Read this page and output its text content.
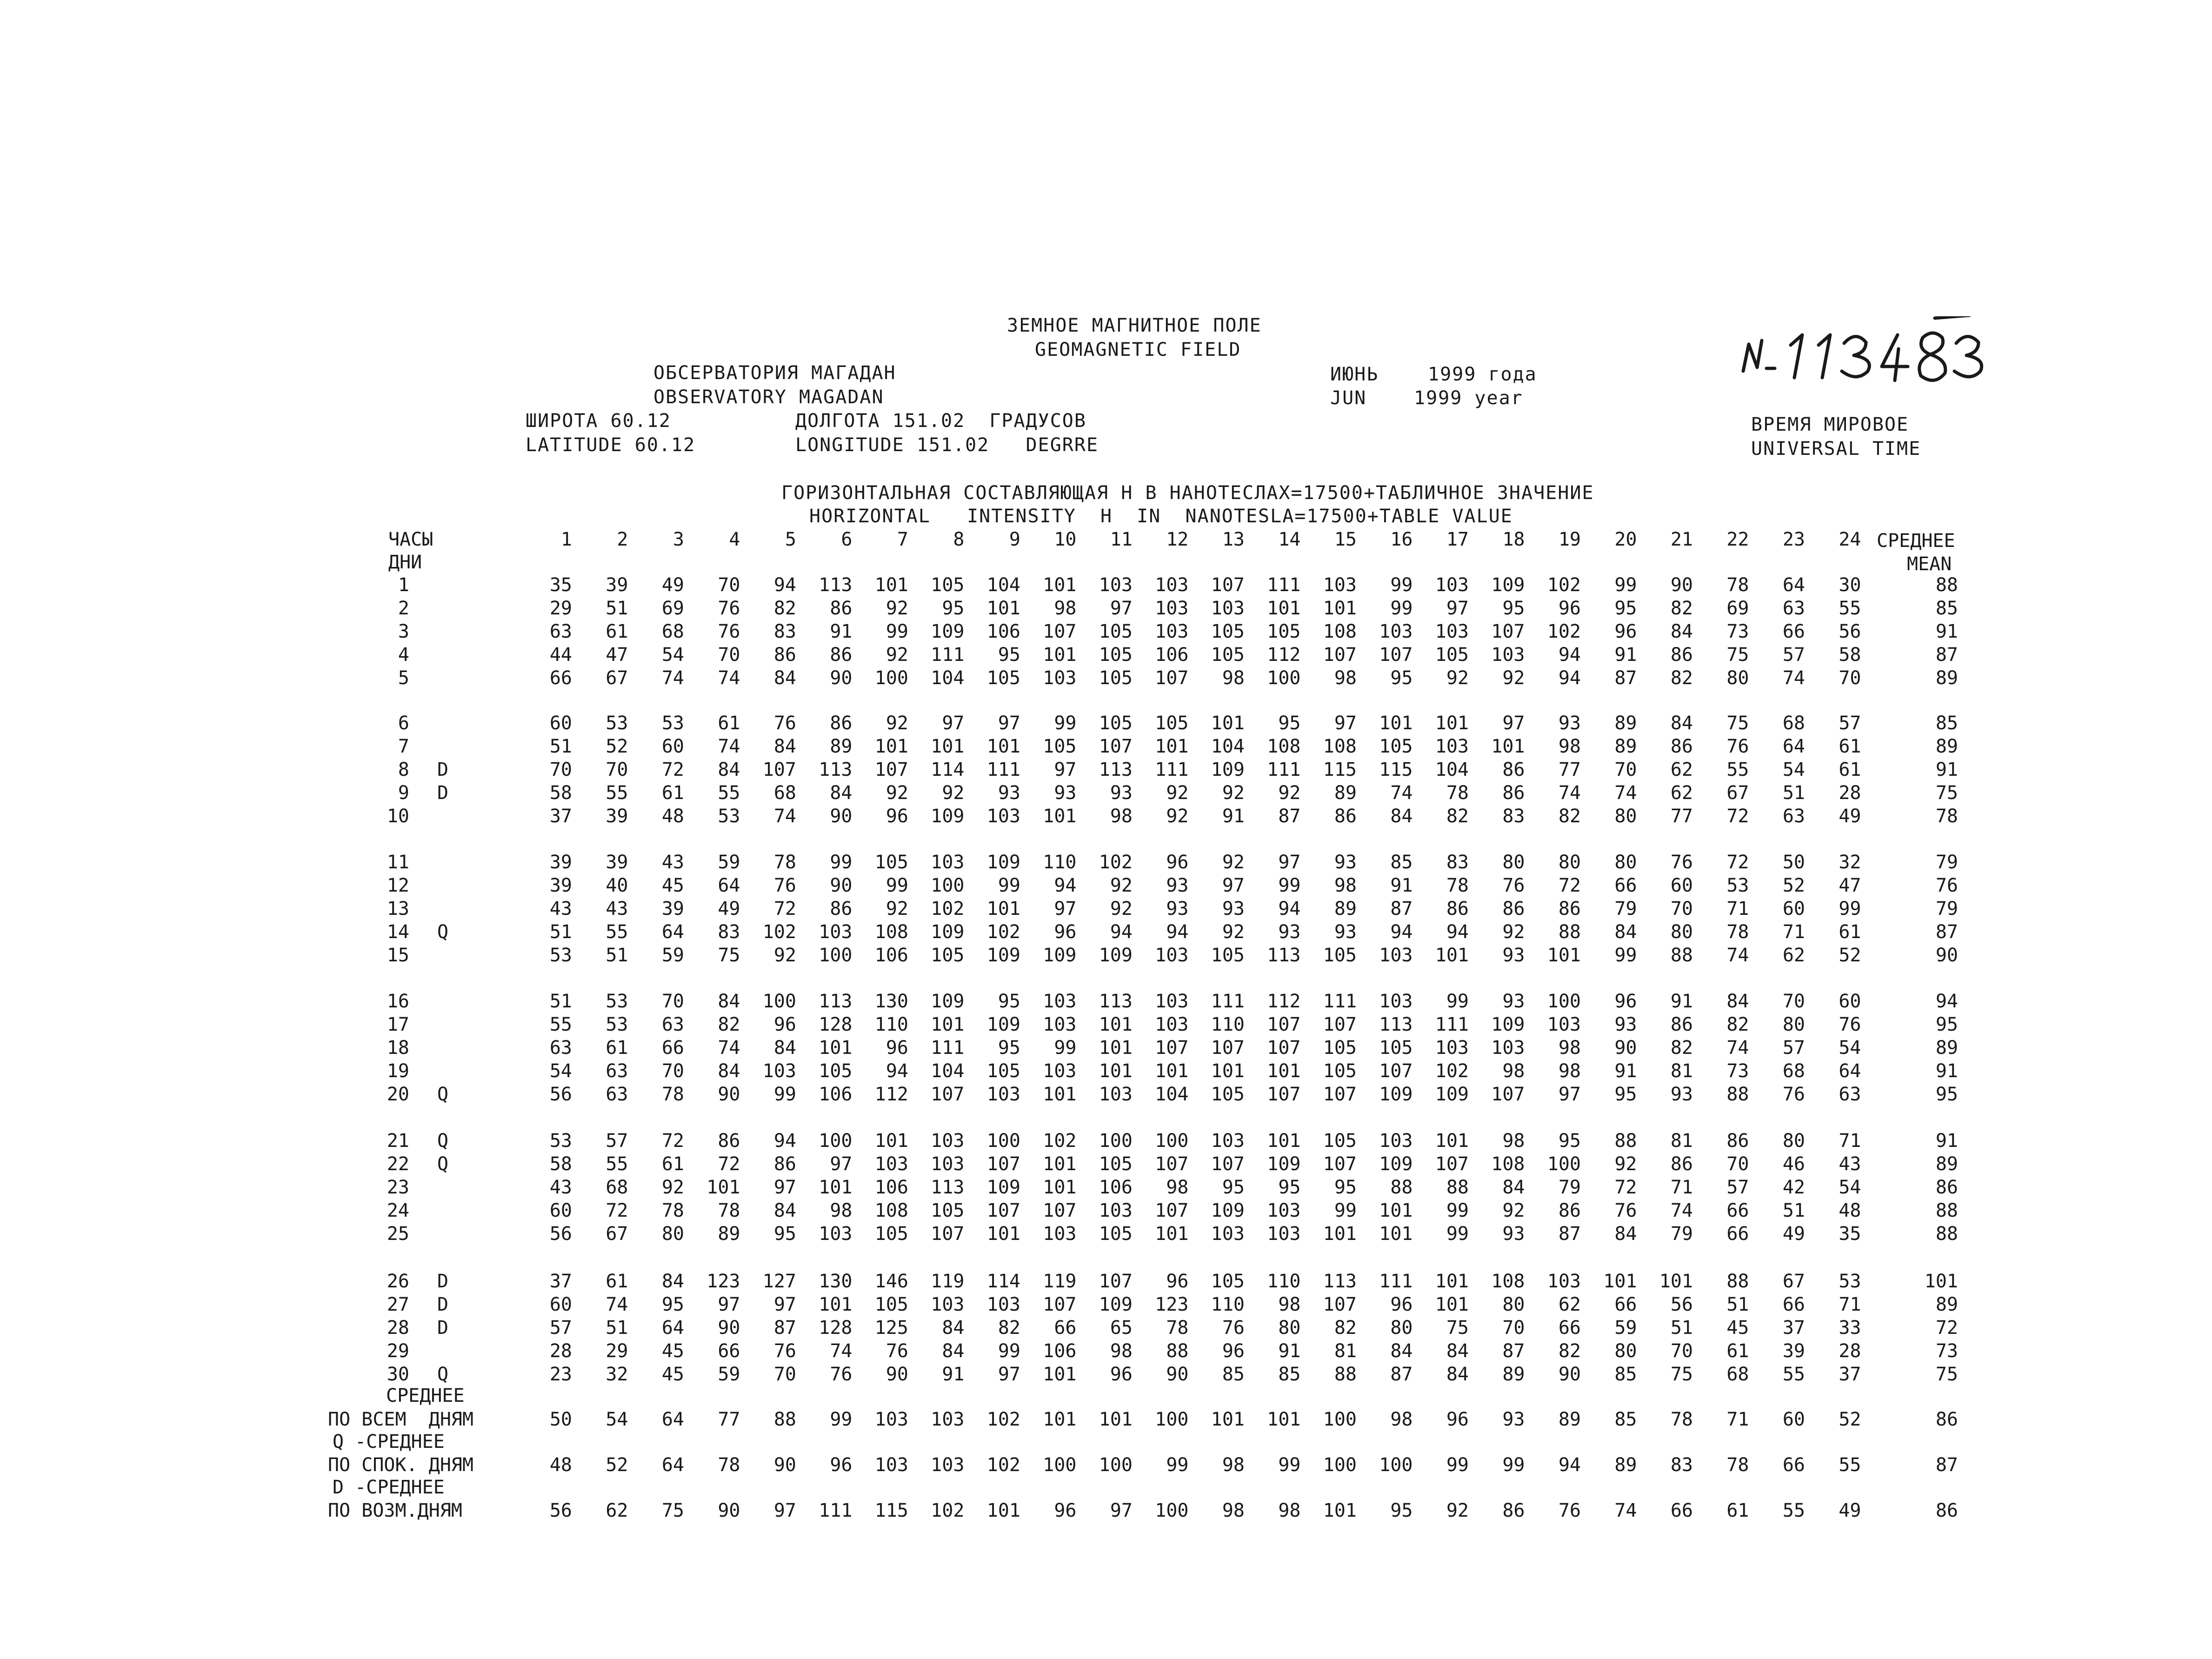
ЗЕМНОЕ МАГНИТНОЕ ПОЛЕ
GEOMAGNETIC FIELD
ОБСЕРВАТОРИЯ МАГАДАН
OBSERVATORY MAGADAN
ИЮНЬ	1999 года
JUN	1999 year
ШИРОТА 60.12
LATITUDE 60.12
ДОЛГОТА 151.02  ГРАДУСОВ
LONGITUDE 151.02   DEGRRE
ВРЕМЯ МИРОВОЕ
UNIVERSAL TIME
ГОРИЗОНТАЛЬНАЯ СОСТАВЛЯЮЩАЯ H В НАНОТЕСЛАХ=17500+ТАБЛИЧНОЕ ЗНАЧЕНИЕ
HORIZONTAL   INTENSITY  H  IN  NANOTESLA=17500+TABLE VALUE
ЧАСЫ
ДНИ
1 2 3 4 5 6 7 8 9 10 11 12 13 14 15 16 17 18 19 20 21 22 23 24 СРЕДНЕЕ
MEAN
1	35 39 49 70 94 113 101 105 104 101 103 103 107 111 103 99 103 109 102 99 90 78 64 30	88
2	29 51 69 76 82 86 92 95 101 98 97 103 103 101 101 99 97 95 96 95 82 69 63 55	85
3	63 61 68 76 83 91 99 109 106 107 105 103 105 105 108 103 103 107 102 96 84 73 66 56	91
4	44 47 54 70 86 86 92 111 95 101 105 106 105 112 107 107 105 103 94 91 86 75 57 58	87
5	66 67 74 74 84 90 100 104 105 103 105 107 98 100 98 95 92 92 94 87 82 80 74 70	89
6	60 53 53 61 76 86 92 97 97 99 105 105 101 95 97 101 101 97 93 89 84 75 68 57	85
7	51 52 60 74 84 89 101 101 101 105 107 101 104 108 108 105 103 101 98 89 86 76 64 61	89
8 D	70 70 72 84 107 113 107 114 111 97 113 111 109 111 115 115 104 86 77 70 62 55 54 61	91
9 D	58 55 61 55 68 84 92 92 93 93 93 92 92 92 89 74 78 86 74 74 62 67 51 28	75
10	37 39 48 53 74 90 96 109 103 101 98 92 91 87 86 84 82 83 82 80 77 72 63 49	78
11	39 39 43 59 78 99 105 103 109 110 102 96 92 97 93 85 83 80 80 80 76 72 50 32	79
12	39 40 45 64 76 90 99 100 99 94 92 93 97 99 98 91 78 76 72 66 60 53 52 47	76
13	43 43 39 49 72 86 92 102 101 97 92 93 93 94 89 87 86 86 86 79 70 71 60 99	79
14 Q	51 55 64 83 102 103 108 109 102 96 94 94 92 93 93 94 94 92 88 84 80 78 71 61	87
15	53 51 59 75 92 100 106 105 109 109 109 103 105 113 105 103 101 93 101 99 88 74 62 52	90
16	51 53 70 84 100 113 130 109 95 103 113 103 111 112 111 103 99 93 100 96 91 84 70 60	94
17	55 53 63 82 96 128 110 101 109 103 101 103 110 107 107 113 111 109 103 93 86 82 80 76	95
18	63 61 66 74 84 101 96 111 95 99 101 107 107 107 105 105 103 103 98 90 82 74 57 54	89
19	54 63 70 84 103 105 94 104 105 103 101 101 101 101 105 107 102 98 98 91 81 73 68 64	91
20 Q	56 63 78 90 99 106 112 107 103 101 103 104 105 107 107 109 109 107 97 95 93 88 76 63	95
21 Q	53 57 72 86 94 100 101 103 100 102 100 100 103 101 105 103 101 98 95 88 81 86 80 71	91
22 Q	58 55 61 72 86 97 103 103 107 101 105 107 107 109 107 109 107 108 100 92 86 70 46 43	89
23	43 68 92 101 97 101 106 113 109 101 106 98 95 95 95 88 88 84 79 72 71 57 42 54	86
24	60 72 78 78 84 98 108 105 107 107 103 107 109 103 99 101 99 92 86 76 74 66 51 48	88
25	56 67 80 89 95 103 105 107 101 103 105 101 103 103 101 101 99 93 87 84 79 66 49 35	88
26 D	37 61 84 123 127 130 146 119 114 119 107 96 105 110 113 111 101 108 103 101 101 88 67 53	101
27 D	60 74 95 97 97 101 105 103 103 107 109 123 110 98 107 96 101 80 62 66 56 51 66 71	89
28 D	57 51 64 90 87 128 125 84 82 66 65 78 76 80 82 80 75 70 66 59 51 45 37 33	72
29	28 29 45 66 76 74 76 84 99 106 98 88 96 91 81 84 84 87 82 80 70 61 39 28	73
30 Q	23 32 45 59 70 76 90 91 97 101 96 90 85 85 88 87 84 89 90 85 75 68 55 37	75
СРЕДНЕЕ
ПО ВСЕМ  ДНЯМ	50 54 64 77 88 99 103 103 102 101 101 100 101 101 100 98 96 93 89 85 78 71 60 52	86
Q -СРЕДНЕЕ
ПО СПОК. ДНЯМ	48 52 64 78 90 96 103 103 102 100 100 99 98 99 100 100 99 99 94 89 83 78 66 55	87
D -СРЕДНЕЕ
ПО ВОЗМ.ДНЯМ	56 62 75 90 97 111 115 102 101 96 97 100 98 98 101 95 92 86 76 74 66 61 55 49	86
